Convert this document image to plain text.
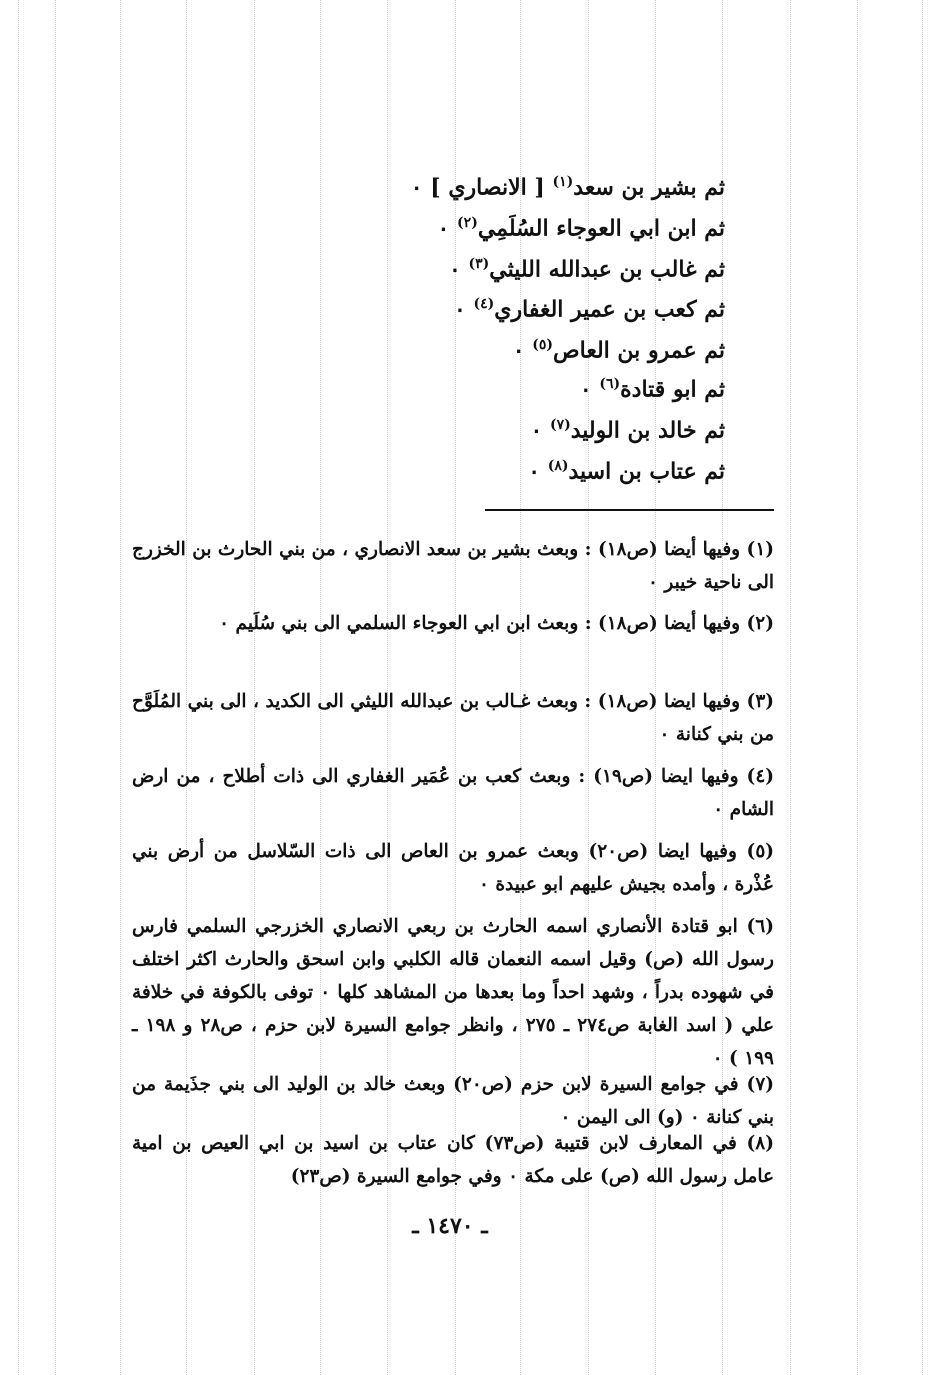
ثم بشير بن سعد$^{(١)}$ [ الانصاري ] ٠
ثم ابن ابي العوجاء السُلَمِي$^{(٢)}$ ٠
ثم غالب بن عبدالله الليثي$^{(٣)}$ ٠
ثم كعب بن عمير الغفاري$^{(٤)}$ ٠
ثم عمرو بن العاص$^{(٥)}$ ٠
ثم ابو قتادة$^{(٦)}$ ٠
ثم خالد بن الوليد$^{(٧)}$ ٠
ثم عتاب بن اسيد$^{(٨)}$ ٠
(١) وفيها أيضا (ص١٨) : وبعث بشير بن سعد الانصاري ، من بني الحارث بن الخزرج الى ناحية خيبر ٠
(٢) وفيها أيضا (ص١٨) : وبعث ابن ابي العوجاء السلمي الى بني سُلَيم ٠
(٣) وفيها ايضا (ص١٨) : وبعث غـالب بن عبدالله الليثي الى الكديد ، الى بني المُلَوَّح من بني كنانة ٠
(٤) وفيها ايضا (ص١٩) : وبعث كعب بن عُمَير الغفاري الى ذات أطلاح ، من ارض الشام ٠
(٥) وفيها ايضا (ص٢٠) وبعث عمرو بن العاص الى ذات السّلاسل من أرض بني عُذْرة ، وأمده بجيش عليهم ابو عبيدة ٠
(٦) ابو قتادة الأنصاري اسمه الحارث بن ربعي الانصاري الخزرجي السلمي فارس رسول الله (ص) وقيل اسمه النعمان قاله الكلبي وابن اسحق والحارث اكثر اختلف في شهوده بدراً ، وشهد احداً وما بعدها من المشاهد كلها ٠ توفى بالكوفة في خلافة علي ( اسد الغابة ص٢٧٤ ـ ٢٧٥ ، وانظر جوامع السيرة لابن حزم ، ص٢٨ و ١٩٨ ـ ١٩٩ ) ٠
(٧) في جوامع السيرة لابن حزم (ص٢٠) وبعث خالد بن الوليد الى بني جذَيمة من بني كنانة ٠ (و) الى اليمن ٠
(٨) في المعارف لابن قتيبة (ص٧٣) كان عتاب بن اسيد بن ابي العيص بن امية عامل رسول الله (ص) على مكة ٠ وفي جوامع السيرة (ص٢٣)
ـ ١٤٧٠ ـ
